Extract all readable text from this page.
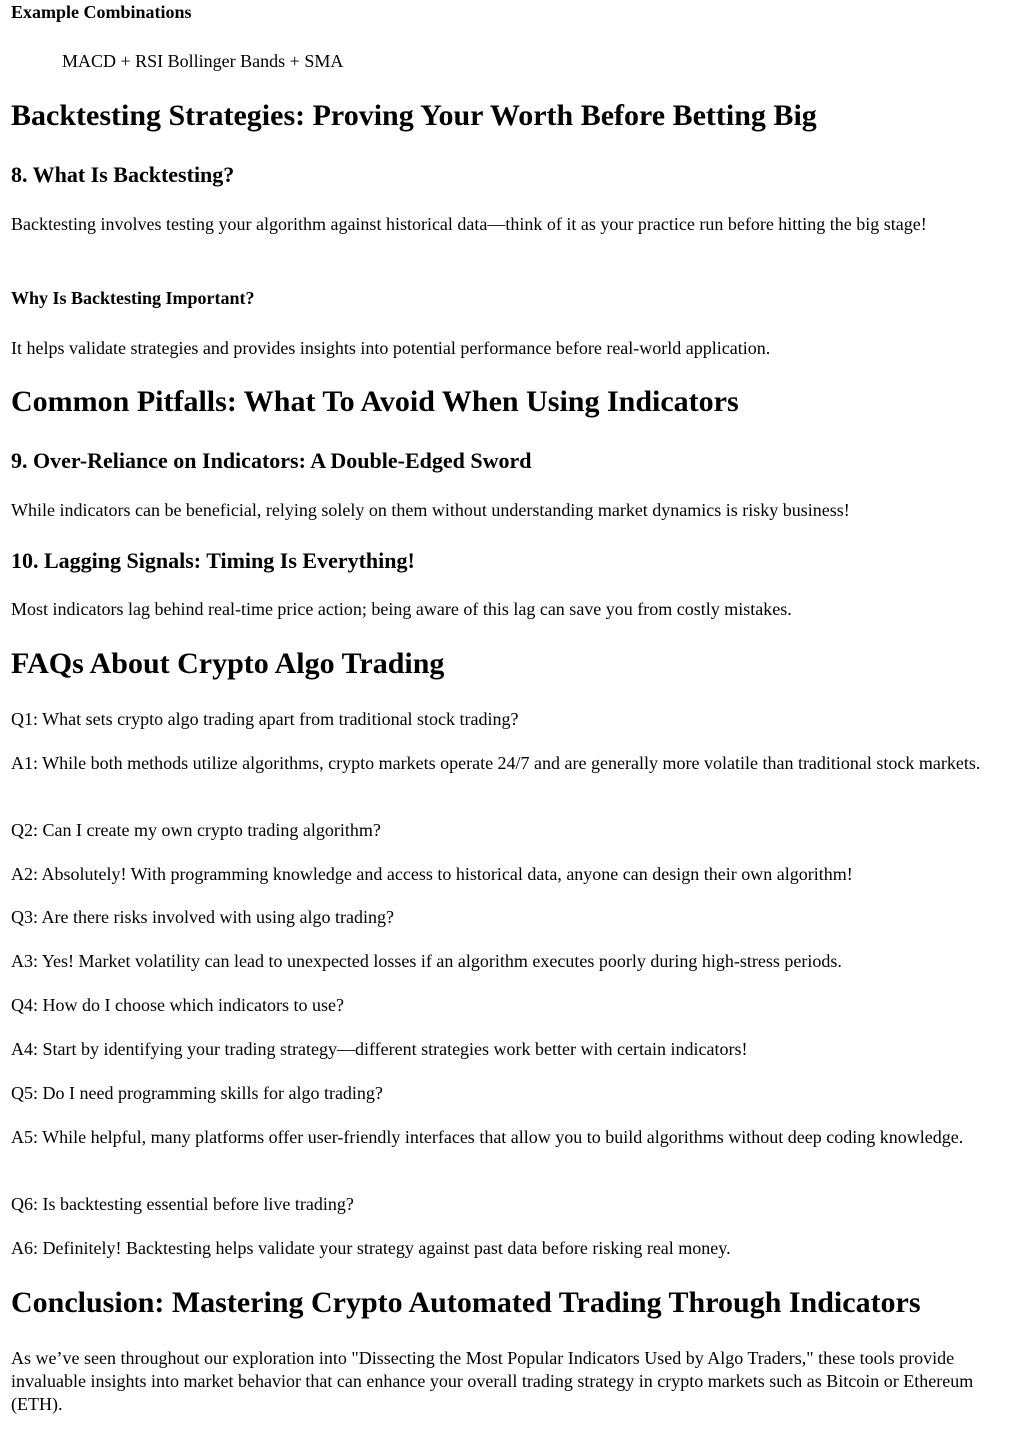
Example Combinations
MACD + RSI Bollinger Bands + SMA
Backtesting Strategies: Proving Your Worth Before Betting Big
8. What Is Backtesting?
Backtesting involves testing your algorithm against historical data—think of it as your practice run before hitting the big stage!
Why Is Backtesting Important?
It helps validate strategies and provides insights into potential performance before real-world application.
Common Pitfalls: What To Avoid When Using Indicators
9. Over-Reliance on Indicators: A Double-Edged Sword
While indicators can be beneficial, relying solely on them without understanding market dynamics is risky business!
10. Lagging Signals: Timing Is Everything!
Most indicators lag behind real-time price action; being aware of this lag can save you from costly mistakes.
FAQs About Crypto Algo Trading
Q1: What sets crypto algo trading apart from traditional stock trading?
A1: While both methods utilize algorithms, crypto markets operate 24/7 and are generally more volatile than traditional stock markets.
Q2: Can I create my own crypto trading algorithm?
A2: Absolutely! With programming knowledge and access to historical data, anyone can design their own algorithm!
Q3: Are there risks involved with using algo trading?
A3: Yes! Market volatility can lead to unexpected losses if an algorithm executes poorly during high-stress periods.
Q4: How do I choose which indicators to use?
A4: Start by identifying your trading strategy—different strategies work better with certain indicators!
Q5: Do I need programming skills for algo trading?
A5: While helpful, many platforms offer user-friendly interfaces that allow you to build algorithms without deep coding knowledge.
Q6: Is backtesting essential before live trading?
A6: Definitely! Backtesting helps validate your strategy against past data before risking real money.
Conclusion: Mastering Crypto Automated Trading Through Indicators
As we’ve seen throughout our exploration into "Dissecting the Most Popular Indicators Used by Algo Traders," these tools provide invaluable insights into market behavior that can enhance your overall trading strategy in crypto markets such as Bitcoin or Ethereum (ETH).
